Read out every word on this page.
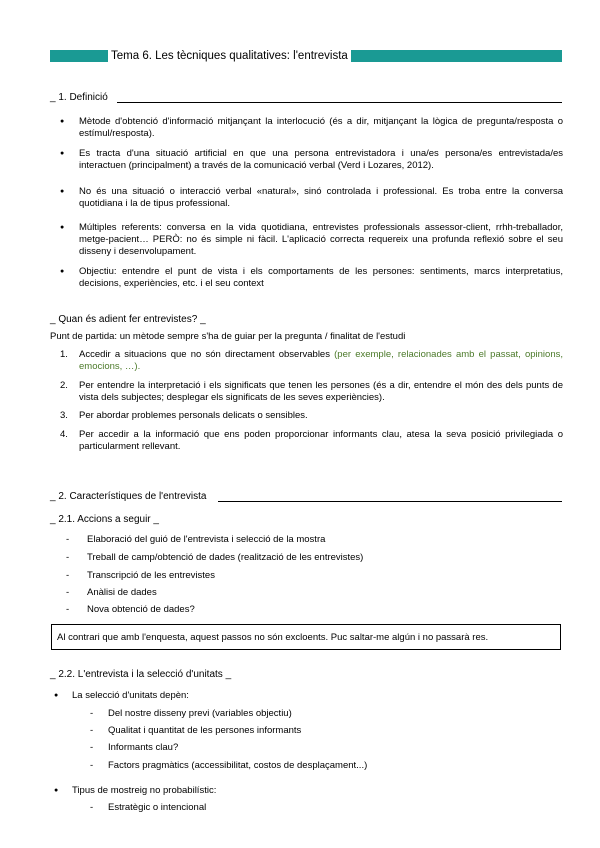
Tema 6. Les tècniques qualitatives: l'entrevista
_ 1. Definició
● Mètode d'obtenció d'informació mitjançant la interlocució (és a dir, mitjançant la lògica de pregunta/resposta o estímul/resposta).
● Es tracta d'una situació artificial en que una persona entrevistadora i una/es persona/es entrevistada/es interactuen (principalment) a través de la comunicació verbal (Verd i Lozares, 2012).
● No és una situació o interacció verbal «natural», sinó controlada i professional. Es troba entre la conversa quotidiana i la de tipus professional.
● Múltiples referents: conversa en la vida quotidiana, entrevistes professionals assessor-client, rrhh-treballador, metge-pacient… PERÒ: no és simple ni fàcil. L'aplicació correcta requereix una profunda reflexió sobre el seu disseny i desenvolupament.
● Objectiu: entendre el punt de vista i els comportaments de les persones: sentiments, marcs interpretatius, decisions, experiències, etc. i el seu context
_ Quan és adient fer entrevistes? _
Punt de partida: un mètode sempre s'ha de guiar per la pregunta / finalitat de l'estudi
1. Accedir a situacions que no són directament observables (per exemple, relacionades amb el passat, opinions, emocions, …).
2. Per entendre la interpretació i els significats que tenen les persones (és a dir, entendre el món des dels punts de vista dels subjectes; desplegar els significats de les seves experiències).
3. Per abordar problemes personals delicats o sensibles.
4. Per accedir a la informació que ens poden proporcionar informants clau, atesa la seva posició privilegiada o particularment rellevant.
_ 2. Característiques de l'entrevista
_ 2.1. Accions a seguir _
- Elaboració del guió de l'entrevista i selecció de la mostra
- Treball de camp/obtenció de dades (realització de les entrevistes)
- Transcripció de les entrevistes
- Anàlisi de dades
- Nova obtenció de dades?
Al contrari que amb l'enquesta, aquest passos no són excloents. Puc saltar-me algún i no passarà res.
_ 2.2. L'entrevista i la selecció d'unitats _
● La selecció d'unitats depèn:
- Del nostre disseny previ (variables objectiu)
- Qualitat i quantitat de les persones informants
- Informants clau?
- Factors pragmàtics (accessibilitat, costos de desplaçament...)
● Tipus de mostreig no probabilístic:
- Estratègic o intencional
